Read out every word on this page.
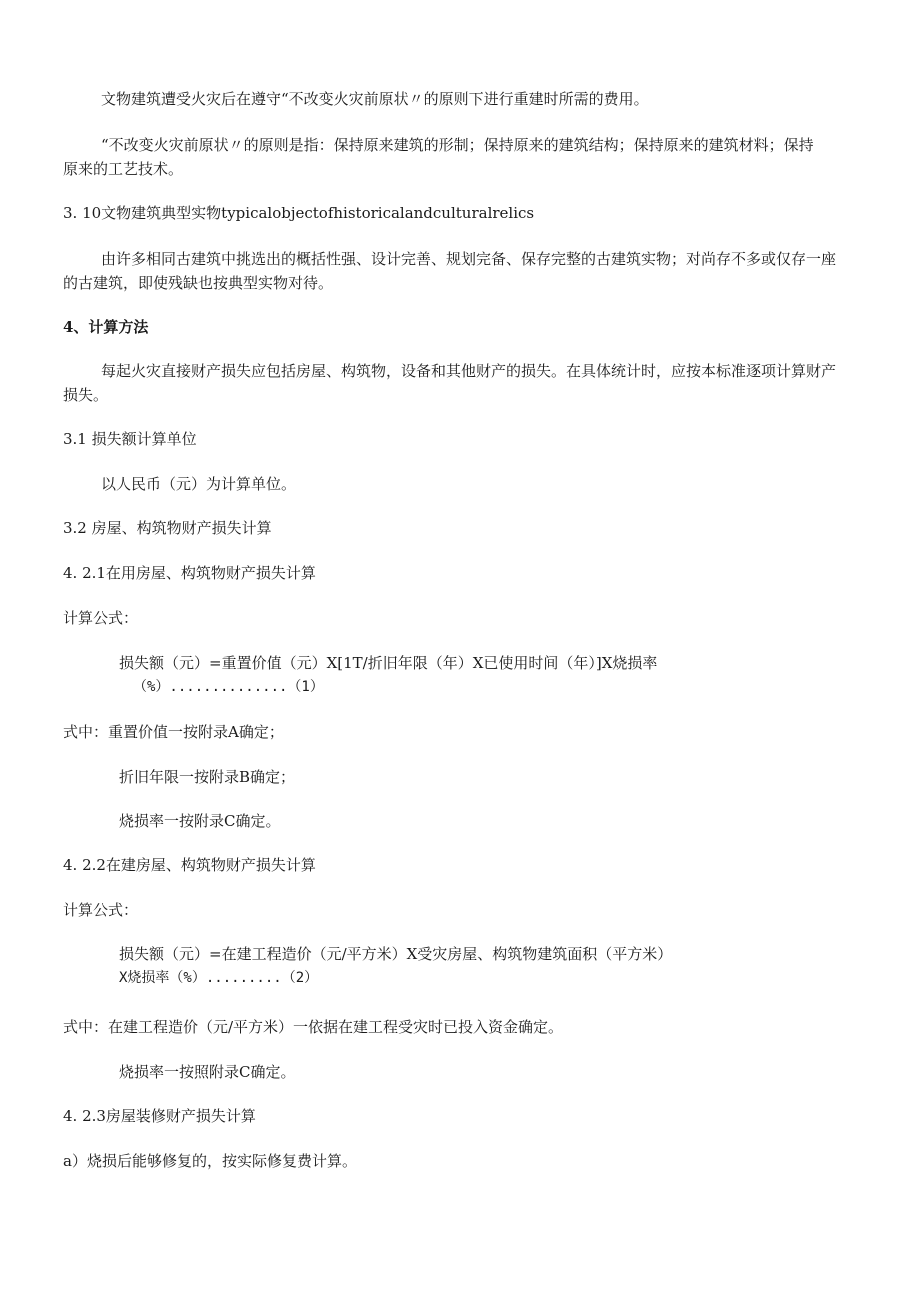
文物建筑遭受火灾后在遵守“不改变火灾前原状〃的原则下进行重建时所需的费用。
“不改变火灾前原状〃的原则是指：保持原来建筑的形制；保持原来的建筑结构；保持原来的建筑材料；保持
原来的工艺技术。
3. 10文物建筑典型实物typicalobjectofhistoricalandculturalrelics
由许多相同古建筑中挑选出的概括性强、设计完善、规划完备、保存完整的古建筑实物；对尚存不多或仅存一座
的古建筑，即使残缺也按典型实物对待。
4、计算方法
每起火灾直接财产损失应包括房屋、构筑物，设备和其他财产的损失。在具体统计时，应按本标准逐项计算财产
损失。
3.1 损失额计算单位
以人民币（元）为计算单位。
3.2 房屋、构筑物财产损失计算
4. 2.1在用房屋、构筑物财产损失计算
计算公式：
损失额（元）=重置价值（元）X[1T/折旧年限（年）X已使用时间（年）]X烧损率
（%）..............（1）
式中：重置价值一按附录A确定；
折旧年限一按附录B确定；
烧损率一按附录C确定。
4. 2.2在建房屋、构筑物财产损失计算
计算公式：
损失额（元）=在建工程造价（元/平方米）X受灾房屋、构筑物建筑面积（平方米）
X烧损率（%）.........（2）
式中：在建工程造价（元/平方米）一依据在建工程受灾时已投入资金确定。
烧损率一按照附录C确定。
4. 2.3房屋装修财产损失计算
a）烧损后能够修复的，按实际修复费计算。
